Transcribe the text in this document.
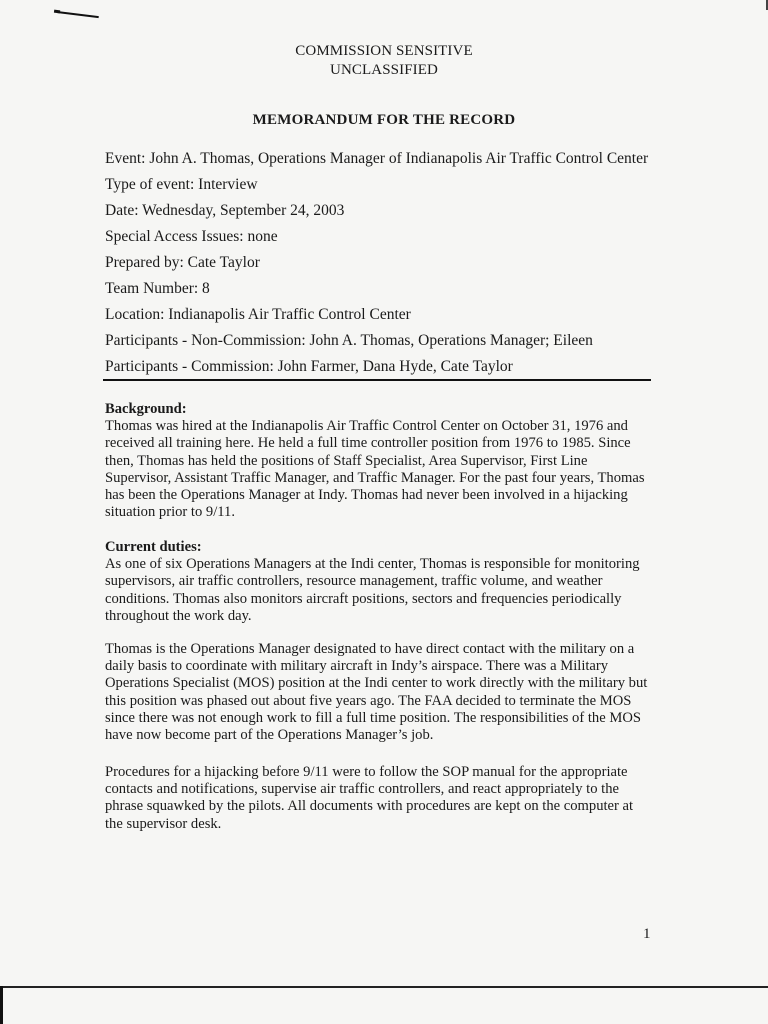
COMMISSION SENSITIVE
UNCLASSIFIED
MEMORANDUM FOR THE RECORD
Event: John A. Thomas, Operations Manager of Indianapolis Air Traffic Control Center
Type of event: Interview
Date: Wednesday, September 24, 2003
Special Access Issues: none
Prepared by: Cate Taylor
Team Number: 8
Location: Indianapolis Air Traffic Control Center
Participants - Non-Commission: John A. Thomas, Operations Manager; Eileen
Participants - Commission: John Farmer, Dana Hyde, Cate Taylor
Background:
Thomas was hired at the Indianapolis Air Traffic Control Center on October 31, 1976 and received all training here. He held a full time controller position from 1976 to 1985. Since then, Thomas has held the positions of Staff Specialist, Area Supervisor, First Line Supervisor, Assistant Traffic Manager, and Traffic Manager. For the past four years, Thomas has been the Operations Manager at Indy. Thomas had never been involved in a hijacking situation prior to 9/11.
Current duties:
As one of six Operations Managers at the Indi center, Thomas is responsible for monitoring supervisors, air traffic controllers, resource management, traffic volume, and weather conditions. Thomas also monitors aircraft positions, sectors and frequencies periodically throughout the work day.

Thomas is the Operations Manager designated to have direct contact with the military on a daily basis to coordinate with military aircraft in Indy’s airspace. There was a Military Operations Specialist (MOS) position at the Indi center to work directly with the military but this position was phased out about five years ago. The FAA decided to terminate the MOS since there was not enough work to fill a full time position. The responsibilities of the MOS have now become part of the Operations Manager’s job.

Procedures for a hijacking before 9/11 were to follow the SOP manual for the appropriate contacts and notifications, supervise air traffic controllers, and react appropriately to the phrase squawked by the pilots. All documents with procedures are kept on the computer at the supervisor desk.

1
